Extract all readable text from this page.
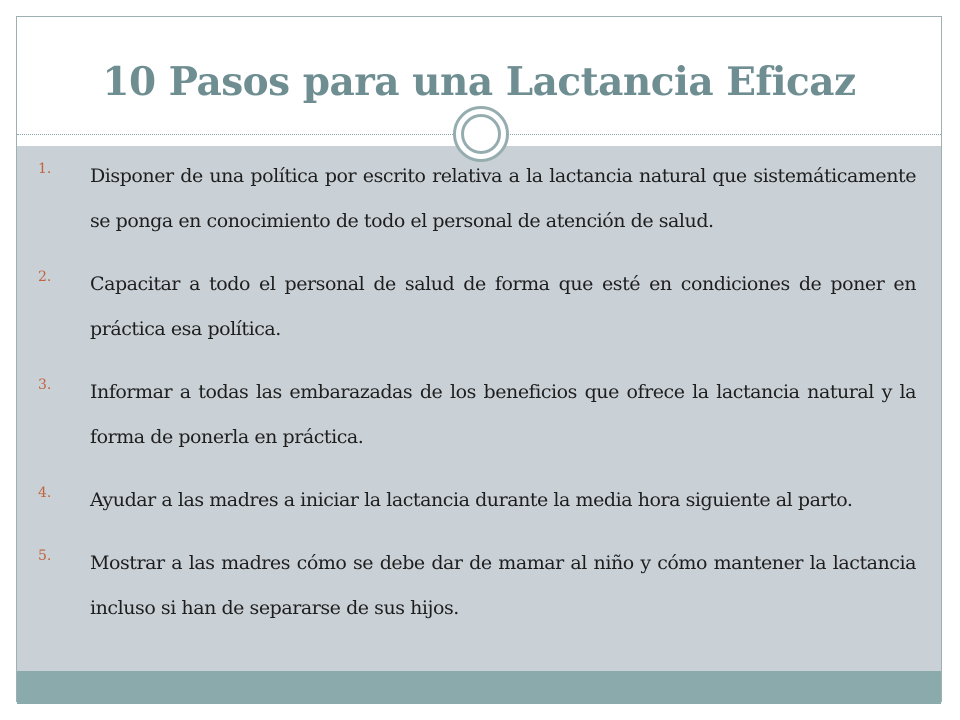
10 Pasos para una Lactancia Eficaz
1. Disponer de una política por escrito relativa a la lactancia natural que sistemáticamente se ponga en conocimiento de todo el personal de atención de salud.
2. Capacitar a todo el personal de salud de forma que esté en condiciones de poner en práctica esa política.
3. Informar a todas las embarazadas de los beneficios que ofrece la lactancia natural y la forma de ponerla en práctica.
4. Ayudar a las madres a iniciar la lactancia durante la media hora siguiente al parto.
5. Mostrar a las madres cómo se debe dar de mamar al niño y cómo mantener la lactancia incluso si han de separarse de sus hijos.
